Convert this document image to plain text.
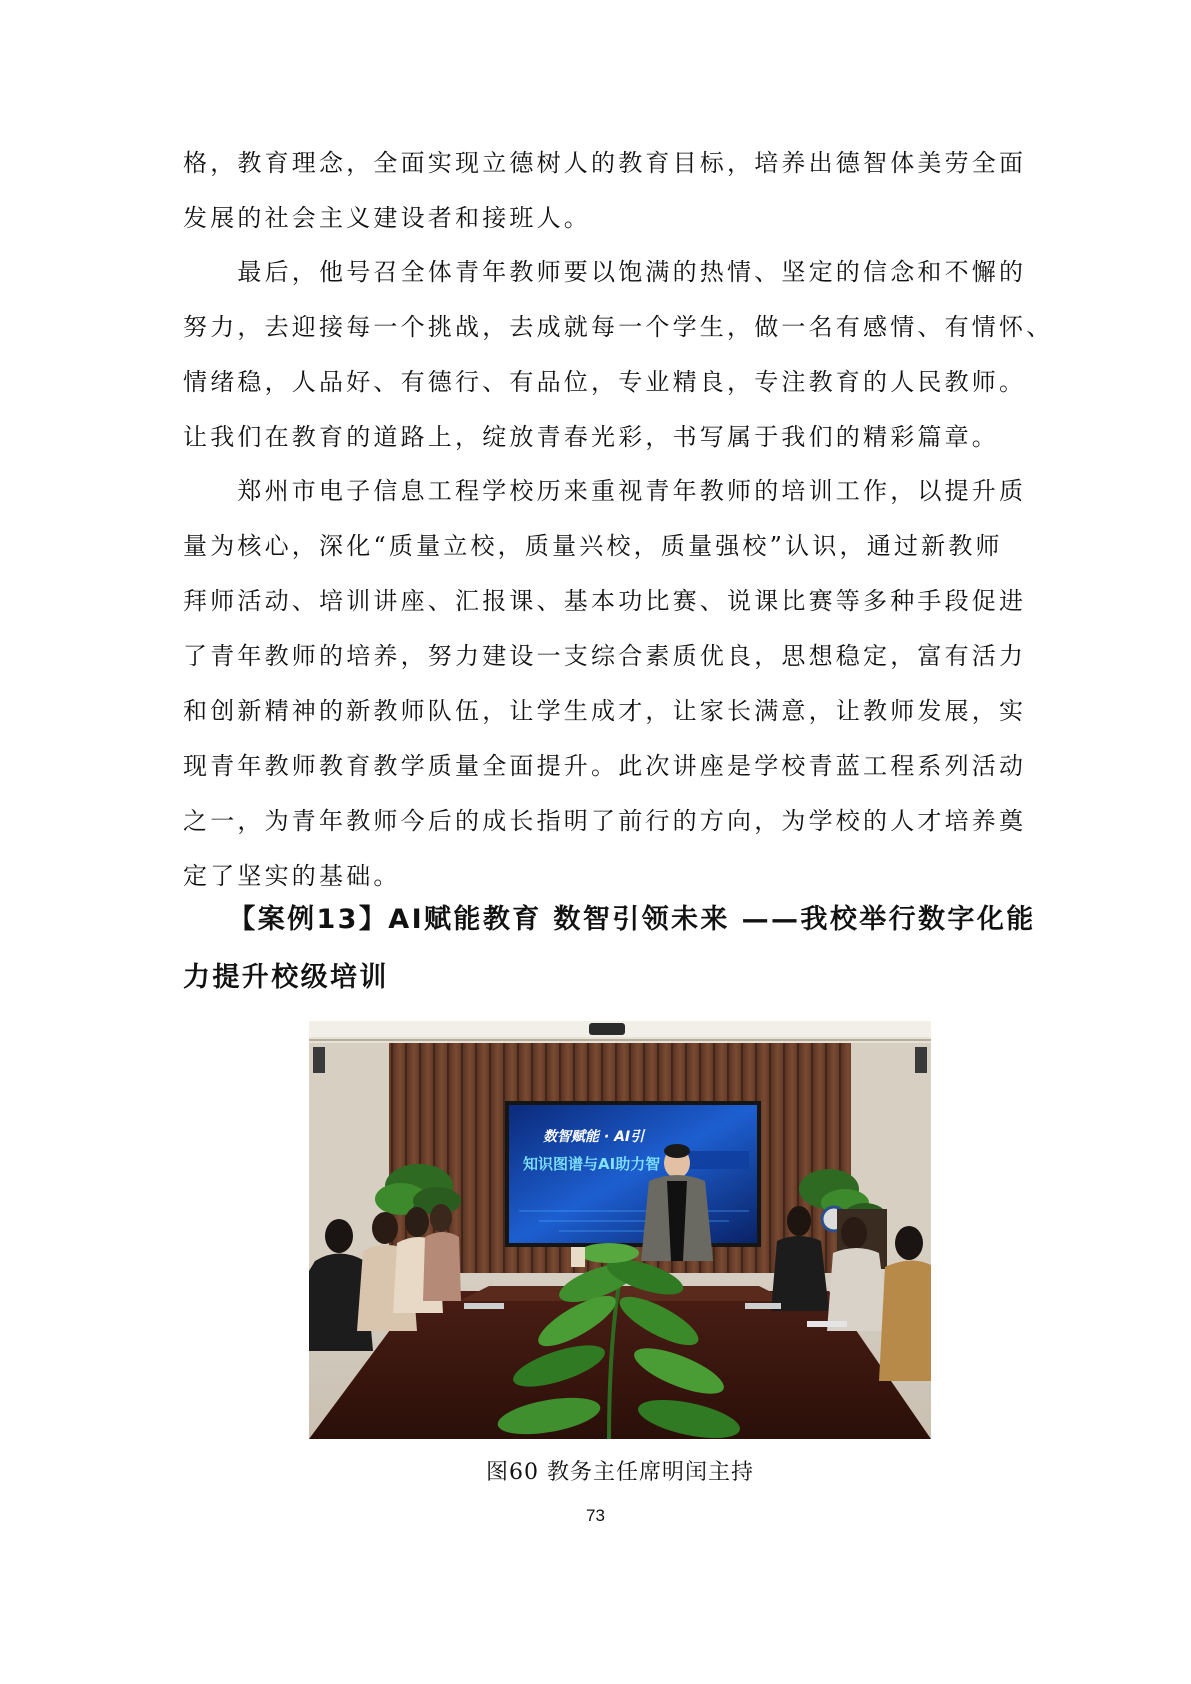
格，教育理念，全面实现立德树人的教育目标，培养出德智体美劳全面
发展的社会主义建设者和接班人。
　　最后，他号召全体青年教师要以饱满的热情、坚定的信念和不懈的
努力，去迎接每一个挑战，去成就每一个学生，做一名有感情、有情怀、
情绪稳，人品好、有德行、有品位，专业精良，专注教育的人民教师。
让我们在教育的道路上，绽放青春光彩，书写属于我们的精彩篇章。
　　郑州市电子信息工程学校历来重视青年教师的培训工作，以提升质
量为核心，深化“质量立校，质量兴校，质量强校”认识，通过新教师
拜师活动、培训讲座、汇报课、基本功比赛、说课比赛等多种手段促进
了青年教师的培养，努力建设一支综合素质优良，思想稳定，富有活力
和创新精神的新教师队伍，让学生成才，让家长满意，让教师发展，实
现青年教师教育教学质量全面提升。此次讲座是学校青蓝工程系列活动
之一，为青年教师今后的成长指明了前行的方向，为学校的人才培养奠
定了坚实的基础。
　　【案例13】AI赋能教育 数智引领未来 ——我校举行数字化能
力提升校级培训
数智赋能 · AI引
知识图谱与AI助力智
图60 教务主任席明闰主持
73
